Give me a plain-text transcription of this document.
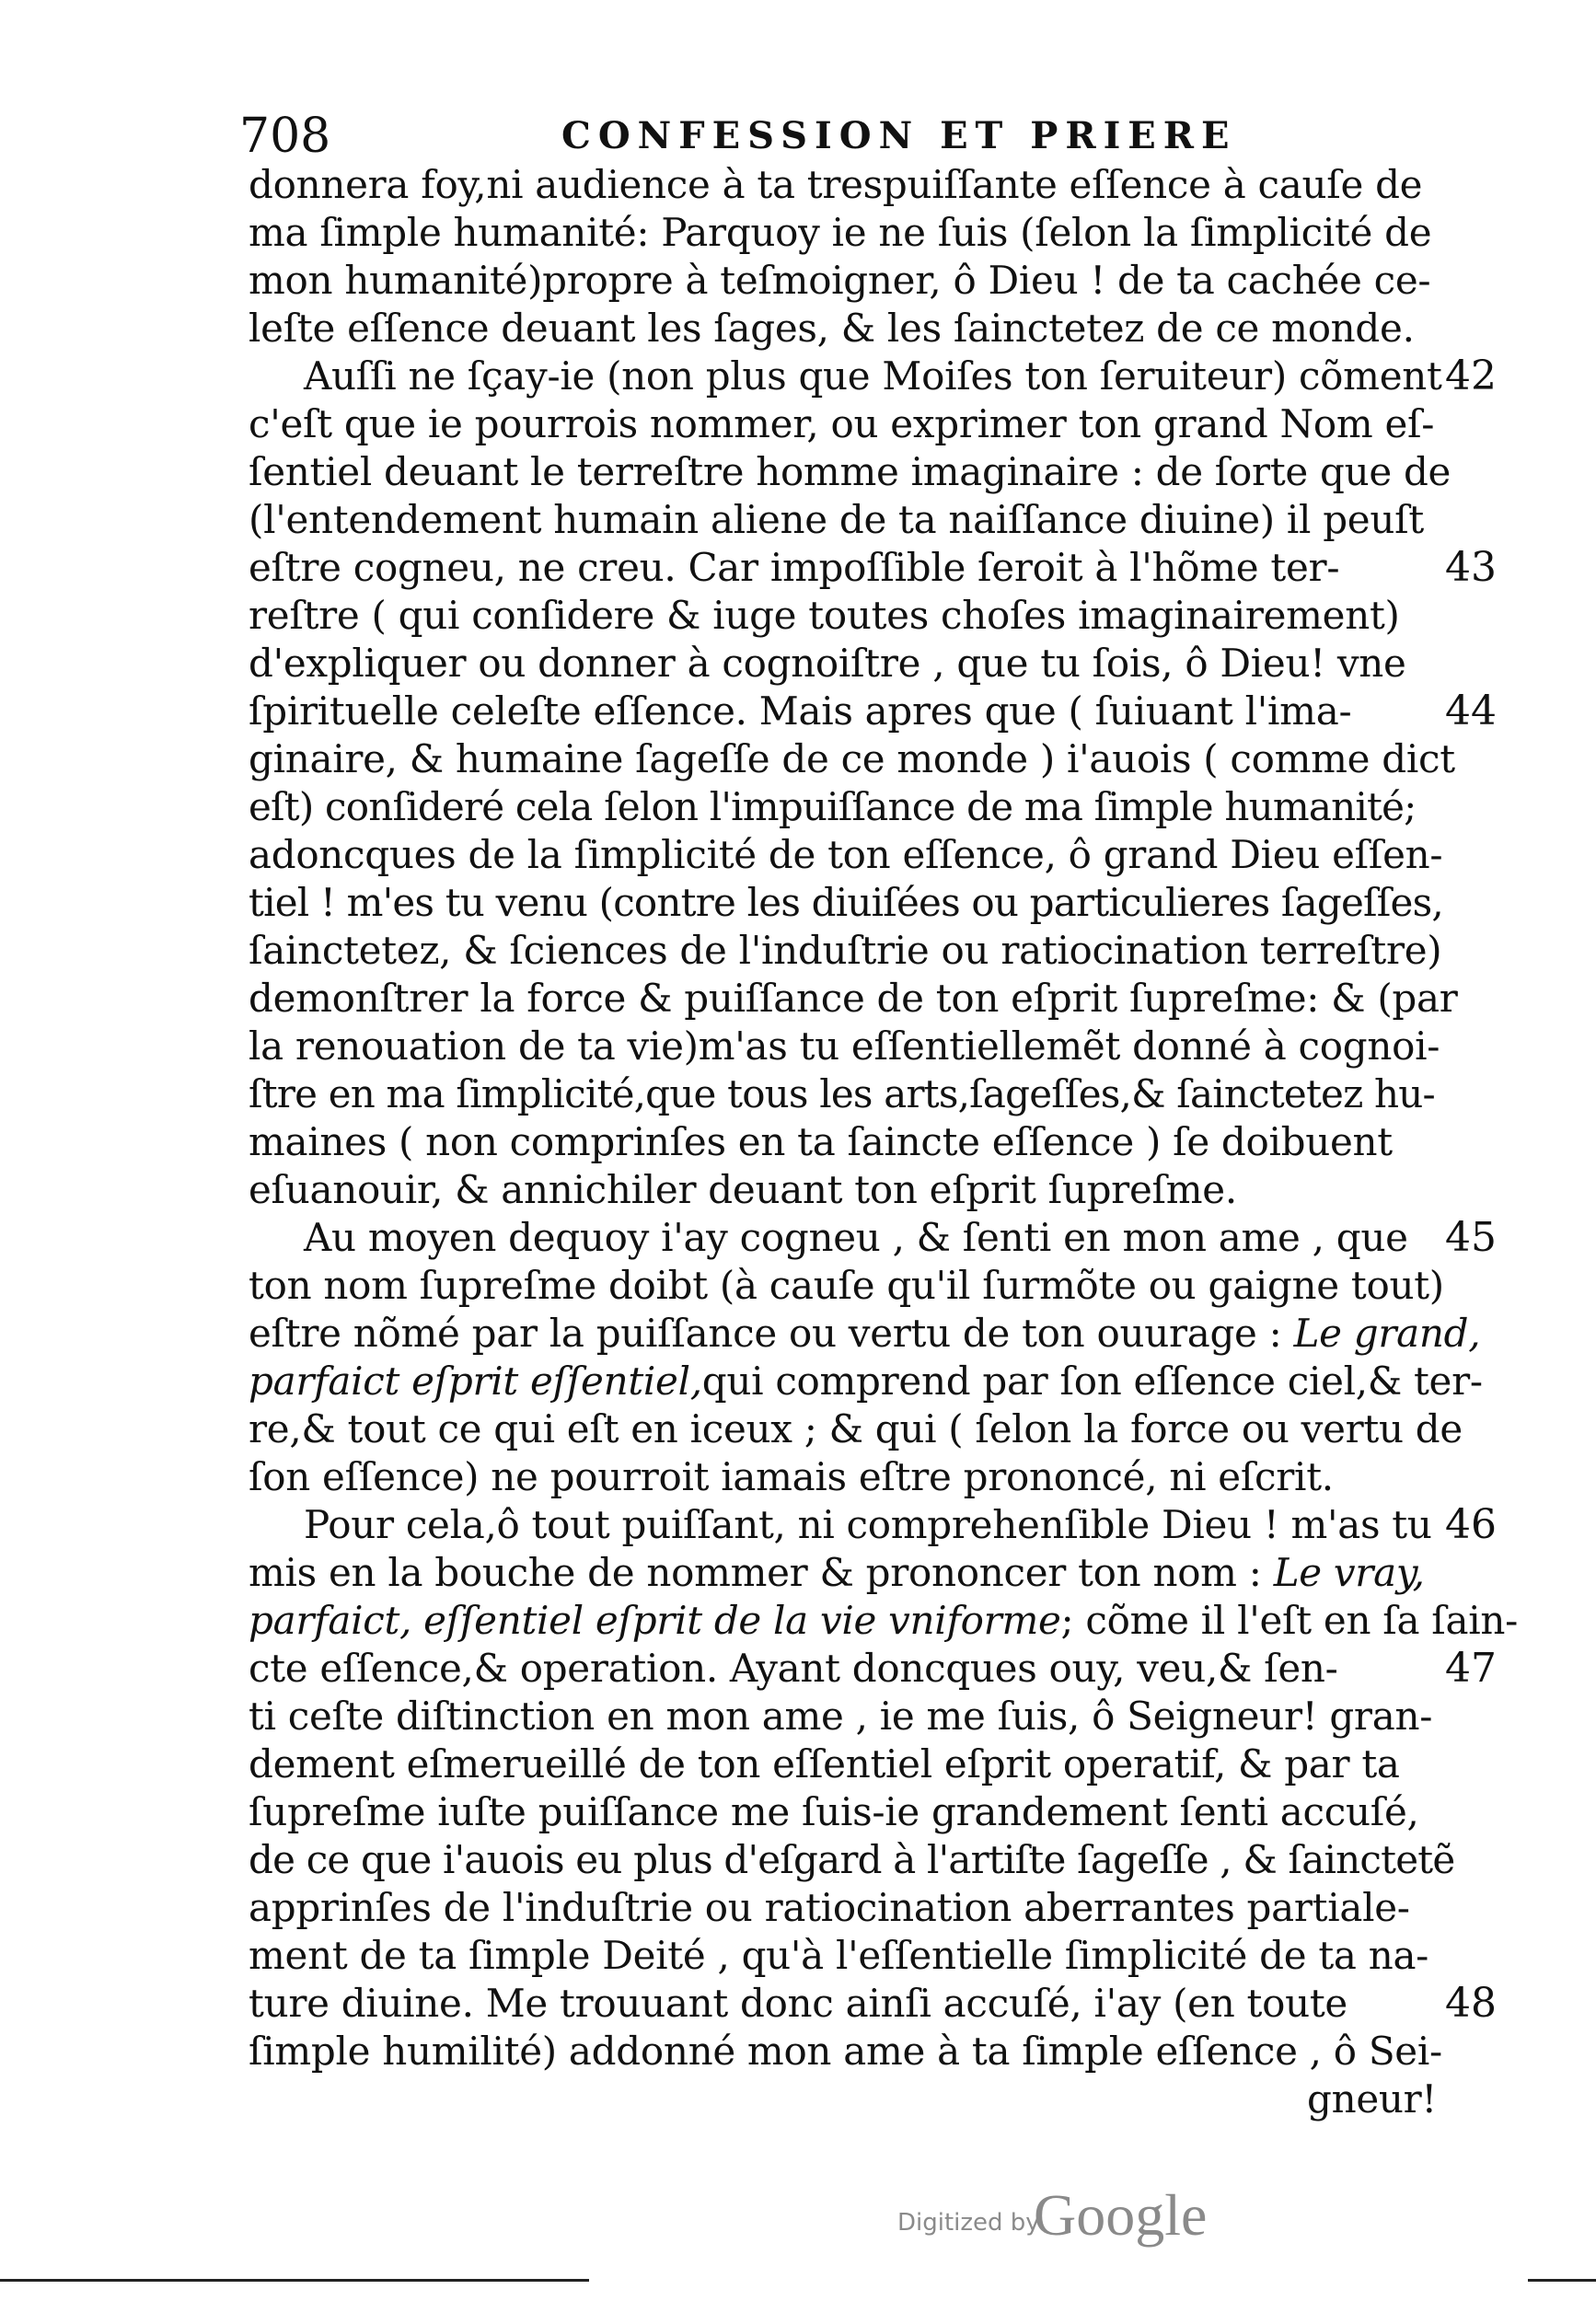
708	CONFESSION ET PRIERE
donnera foy,ni audience à ta trespuiſſante eſſence à cauſe de
ma ſimple humanité: Parquoy ie ne ſuis (ſelon la ſimplicité de
mon humanité)propre à teſmoigner, ô Dieu ! de ta cachée ce-
leſte eſſence deuant les ſages, & les ſainctetez de ce monde.
Auſſi ne ſçay-ie (non plus que Moiſes ton ſeruiteur) cõment
c'eſt que ie pourrois nommer, ou exprimer ton grand Nom eſ-
ſentiel deuant le terreſtre homme imaginaire : de ſorte que de
(l'entendement humain aliene de ta naiſſance diuine) il peuſt
eſtre cogneu, ne creu. Car impoſſible ſeroit à l'hõme ter-
reſtre ( qui conſidere & iuge toutes choſes imaginairement)
d'expliquer ou donner à cognoiſtre , que tu ſois, ô Dieu! vne
ſpirituelle celeſte eſſence. Mais apres que ( ſuiuant l'ima-
ginaire, & humaine ſageſſe de ce monde ) i'auois ( comme dict
eſt) conſideré cela ſelon l'impuiſſance de ma ſimple humanité;
adoncques de la ſimplicité de ton eſſence, ô grand Dieu eſſen-
tiel ! m'es tu venu (contre les diuiſées ou particulieres ſageſſes,
ſainctetez, & ſciences de l'induſtrie ou ratiocination terreſtre)
demonſtrer la force & puiſſance de ton eſprit ſupreſme: & (par
la renouation de ta vie)m'as tu eſſentiellemẽt donné à cognoi-
ſtre en ma ſimplicité,que tous les arts,ſageſſes,& ſainctetez hu-
maines ( non comprinſes en ta ſaincte eſſence ) ſe doibuent
eſuanouir, & annichiler deuant ton eſprit ſupreſme.
Au moyen dequoy i'ay cogneu , & ſenti en mon ame , que
ton nom ſupreſme doibt (à cauſe qu'il ſurmõte ou gaigne tout)
eſtre nõmé par la puiſſance ou vertu de ton ouurage : Le grand,
parfaict eſprit eſſentiel,qui comprend par ſon eſſence ciel,& ter-
re,& tout ce qui eſt en iceux ; & qui ( ſelon la force ou vertu de
ſon eſſence) ne pourroit iamais eſtre prononcé, ni eſcrit.
Pour cela,ô tout puiſſant, ni comprehenſible Dieu ! m'as tu
mis en la bouche de nommer & prononcer ton nom : Le vray,
parfaict, eſſentiel eſprit de la vie vniforme; cõme il l'eſt en ſa ſain-
cte eſſence,& operation. Ayant doncques ouy, veu,& ſen-
ti ceſte diſtinction en mon ame , ie me ſuis, ô Seigneur! gran-
dement eſmerueillé de ton eſſentiel eſprit operatif, & par ta
ſupreſme iuſte puiſſance me ſuis-ie grandement ſenti accuſé,
de ce que i'auois eu plus d'eſgard à l'artiſte ſageſſe , & ſainctetẽ
apprinſes de l'induſtrie ou ratiocination aberrantes partiale-
ment de ta ſimple Deité , qu'à l'eſſentielle ſimplicité de ta na-
ture diuine. Me trouuant donc ainſi accuſé, i'ay (en toute
ſimple humilité) addonné mon ame à ta ſimple eſſence , ô Sei-
gneur!
42
43
44
45
46
47
48
Digitized by
Google
